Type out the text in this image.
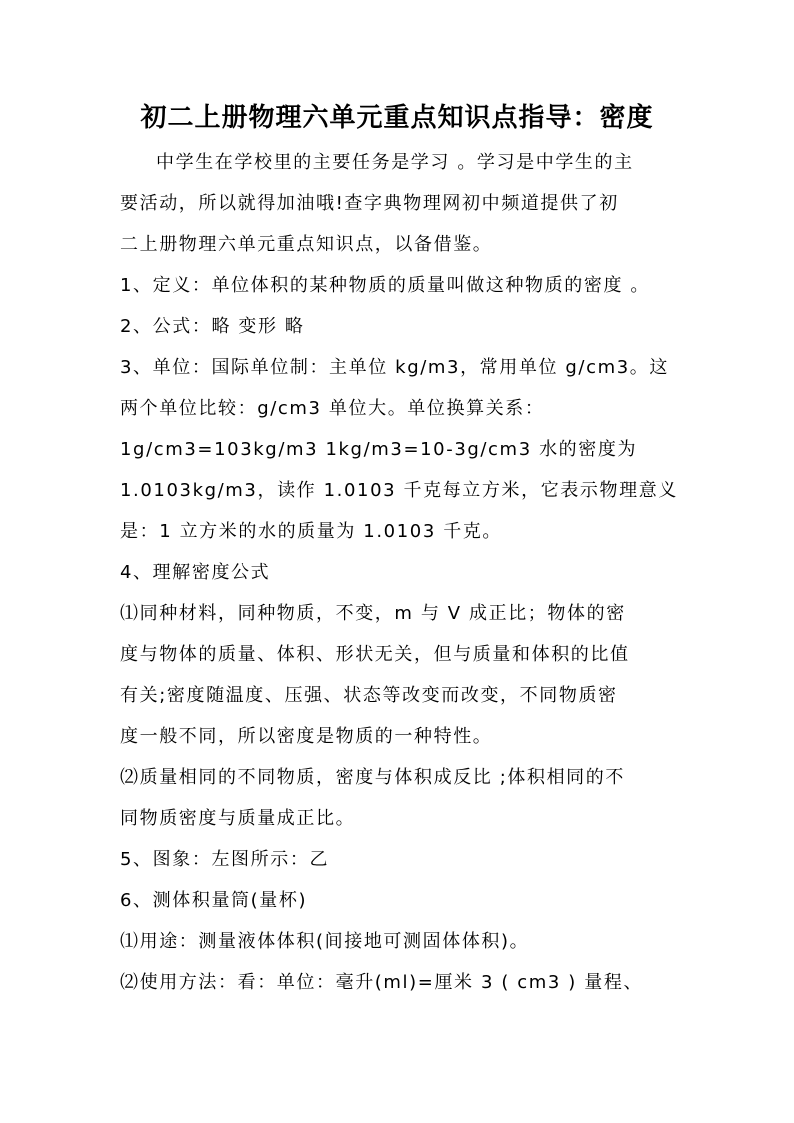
初二上册物理六单元重点知识点指导：密度
中学生在学校里的主要任务是学习 。学习是中学生的主
要活动，所以就得加油哦!查字典物理网初中频道提供了初
二上册物理六单元重点知识点，以备借鉴。
1、定义：单位体积的某种物质的质量叫做这种物质的密度 。
2、公式：略 变形 略
3、单位：国际单位制：主单位 kg/m3，常用单位 g/cm3。这
两个单位比较：g/cm3 单位大。单位换算关系：
1g/cm3=103kg/m3 1kg/m3=10-3g/cm3 水的密度为
1.0103kg/m3，读作 1.0103 千克每立方米，它表示物理意义
是：1 立方米的水的质量为 1.0103 千克。
4、理解密度公式
⑴同种材料，同种物质，不变，m 与 V 成正比；物体的密
度与物体的质量、体积、形状无关，但与质量和体积的比值
有关;密度随温度、压强、状态等改变而改变，不同物质密
度一般不同，所以密度是物质的一种特性。
⑵质量相同的不同物质，密度与体积成反比 ;体积相同的不
同物质密度与质量成正比。
5、图象：左图所示：乙
6、测体积量筒(量杯)
⑴用途：测量液体体积(间接地可测固体体积)。
⑵使用方法：看：单位：毫升(ml)=厘米 3 ( cm3 ) 量程、
